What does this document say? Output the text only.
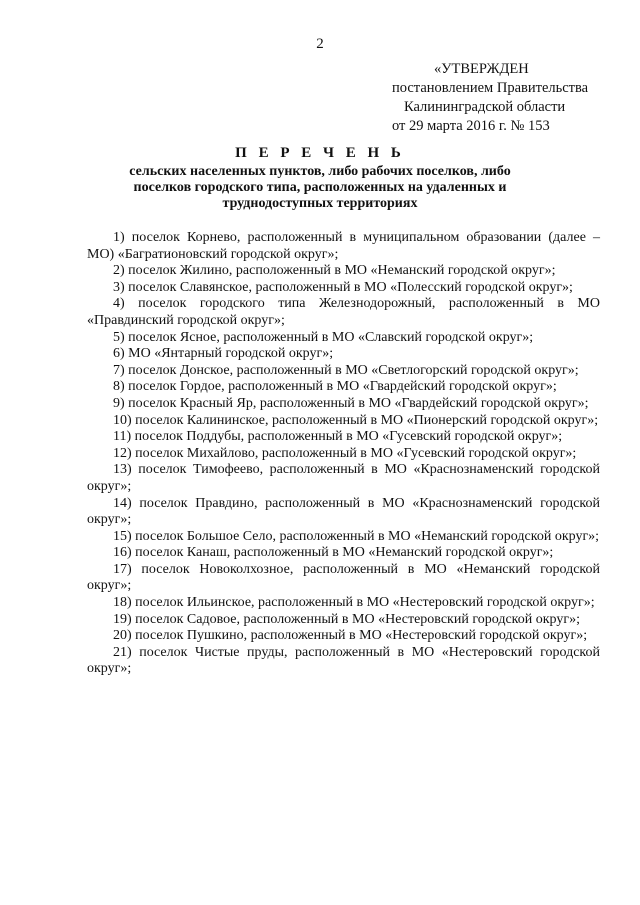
2
«УТВЕРЖДЕН
постановлением Правительства
Калининградской области
от 29 марта 2016 г. № 153
П Е Р Е Ч Е Н Ь
сельских населенных пунктов, либо рабочих поселков, либо поселков городского типа, расположенных на удаленных и труднодоступных территориях

1) поселок Корнево, расположенный в муниципальном образовании (далее – МО) «Багратионовский городской округ»;

2) поселок Жилино, расположенный в МО «Неманский городской округ»;

3) поселок Славянское, расположенный в МО «Полесский городской округ»;

4) поселок городского типа Железнодорожный, расположенный в МО «Правдинский городской округ»;

5) поселок Ясное, расположенный в МО «Славский городской округ»;

6) МО «Янтарный городской округ»;

7) поселок Донское, расположенный в МО «Светлогорский городской округ»;

8) поселок Гордое, расположенный в МО «Гвардейский городской округ»;

9) поселок Красный Яр, расположенный в МО «Гвардейский городской округ»;

10) поселок Калининское, расположенный в МО «Пионерский городской округ»;

11) поселок Поддубы, расположенный в МО «Гусевский городской округ»;

12) поселок Михайлово, расположенный в МО «Гусевский городской округ»;

13) поселок Тимофеево, расположенный в МО «Краснознаменский городской округ»;

14) поселок Правдино, расположенный в МО «Краснознаменский городской округ»;

15) поселок Большое Село, расположенный в МО «Неманский городской округ»;

16) поселок Канаш, расположенный в МО «Неманский городской округ»;

17) поселок Новоколхозное, расположенный в МО «Неманский городской округ»;

18) поселок Ильинское, расположенный в МО «Нестеровский городской округ»;

19) поселок Садовое, расположенный в МО «Нестеровский городской округ»;

20) поселок Пушкино, расположенный в МО «Нестеровский городской округ»;

21) поселок Чистые пруды, расположенный в МО «Нестеровский городской округ»;
